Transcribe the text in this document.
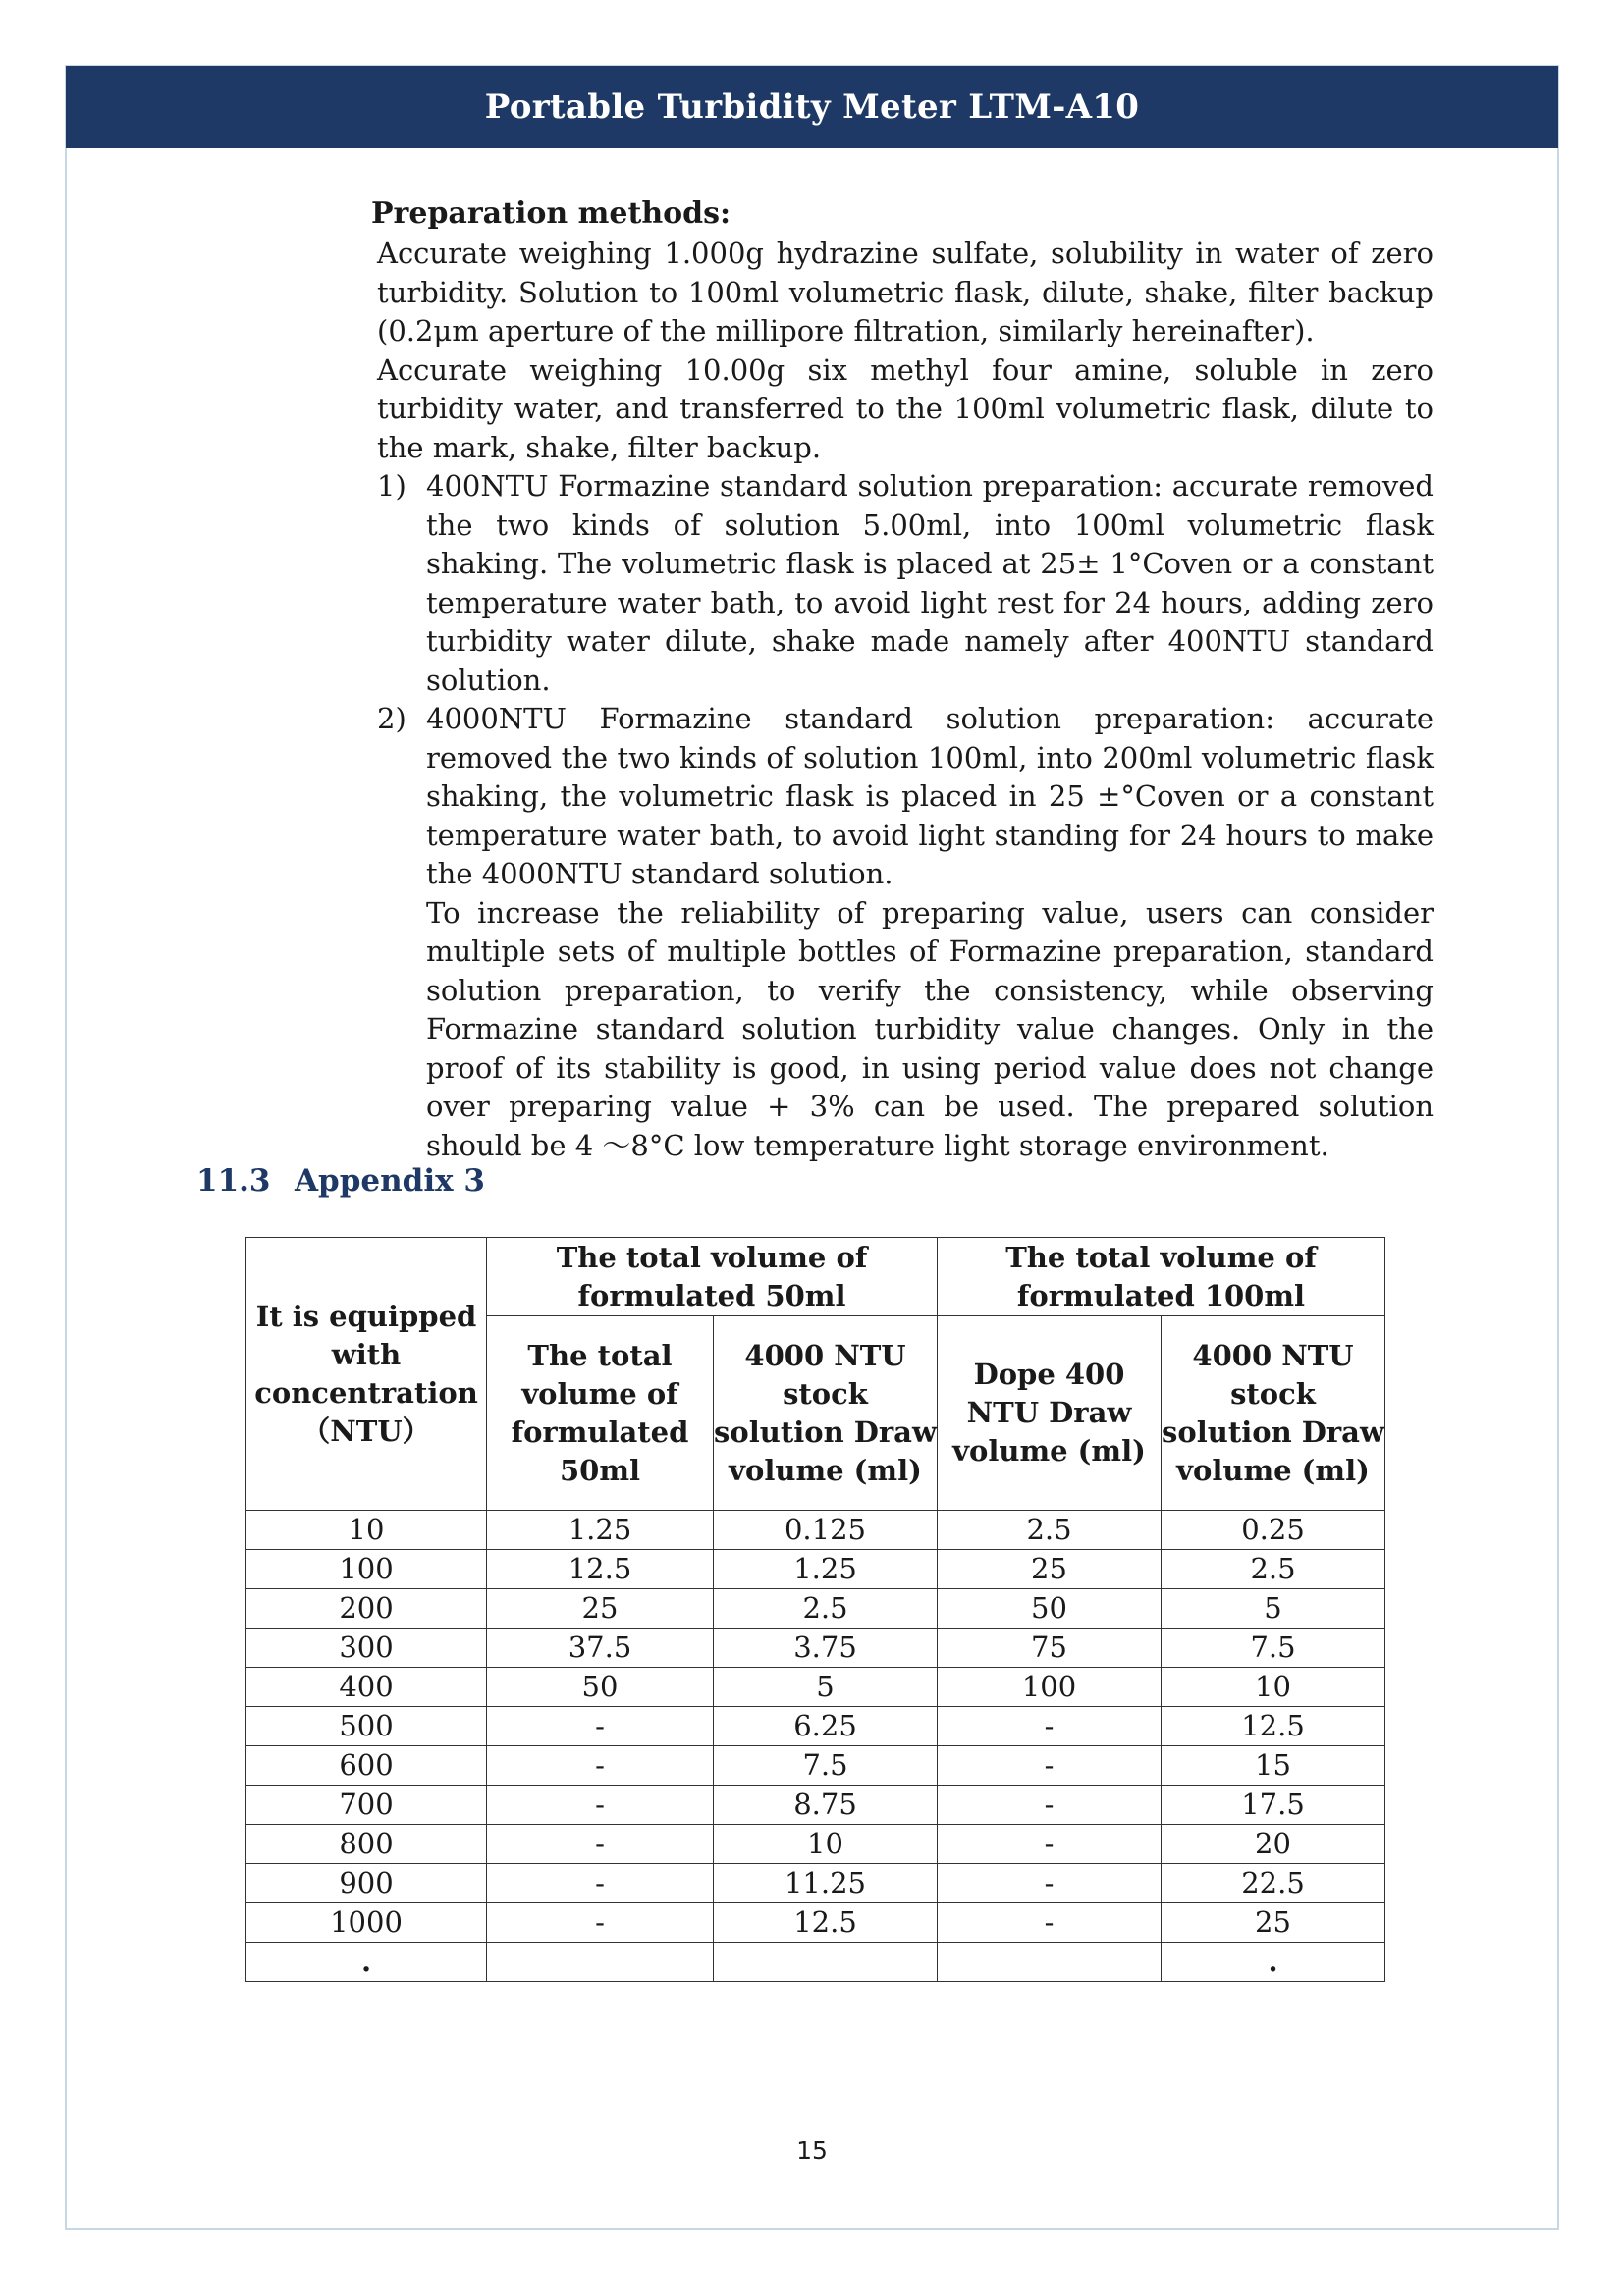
Portable Turbidity Meter LTM-A10
Preparation methods:
Accurate weighing 1.000g hydrazine sulfate, solubility in water of zero turbidity. Solution to 100ml volumetric flask, dilute, shake, filter backup (0.2μm aperture of the millipore filtration, similarly hereinafter).
Accurate weighing 10.00g six methyl four amine, soluble in zero turbidity water, and transferred to the 100ml volumetric flask, dilute to the mark, shake, filter backup.
1) 400NTU Formazine standard solution preparation: accurate removed the two kinds of solution 5.00ml, into 100ml volumetric flask shaking. The volumetric flask is placed at 25± 1°Coven or a constant temperature water bath, to avoid light rest for 24 hours, adding zero turbidity water dilute, shake made namely after 400NTU standard solution.
2) 4000NTU Formazine standard solution preparation: accurate removed the two kinds of solution 100ml, into 200ml volumetric flask shaking, the volumetric flask is placed in 25 ±°Coven or a constant temperature water bath, to avoid light standing for 24 hours to make the 4000NTU standard solution.
To increase the reliability of preparing value, users can consider multiple sets of multiple bottles of Formazine preparation, standard solution preparation, to verify the consistency, while observing Formazine standard solution turbidity value changes. Only in the proof of its stability is good, in using period value does not change over preparing value + 3% can be used. The prepared solution should be 4 ～8°C low temperature light storage environment.
11.3 Appendix 3
It is equipped with concentration（NTU）	The total volume of formulated 50ml		The total volume of formulated 100ml	
	The total volume of formulated 50ml	4000 NTU stock solution Draw volume (ml)	Dope 400 NTU Draw volume (ml)	4000 NTU stock solution Draw volume (ml)
10	1.25	0.125	2.5	0.25
100	12.5	1.25	25	2.5
200	25	2.5	50	5
300	37.5	3.75	75	7.5
400	50	5	100	10
500	-	6.25	-	12.5
600	-	7.5	-	15
700	-	8.75	-	17.5
800	-	10	-	20
900	-	11.25	-	22.5
1000	-	12.5	-	25
.				.
15
